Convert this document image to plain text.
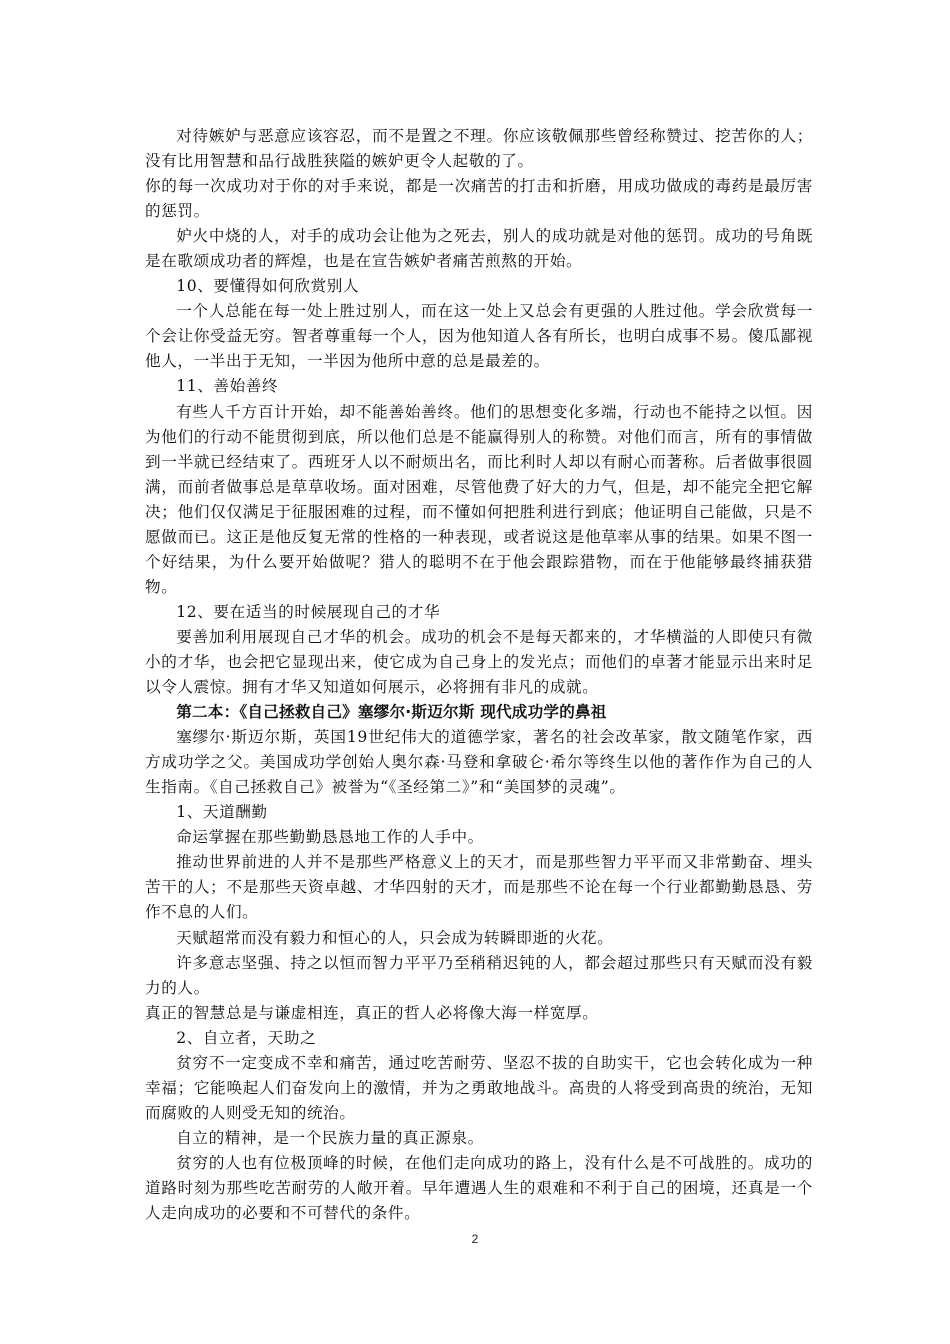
对待嫉妒与恶意应该容忍，而不是置之不理。你应该敬佩那些曾经称赞过、挖苦你的人；没有比用智慧和品行战胜狭隘的嫉妒更令人起敬的了。

你的每一次成功对于你的对手来说，都是一次痛苦的打击和折磨，用成功做成的毒药是最厉害的惩罚。

妒火中烧的人，对手的成功会让他为之死去，别人的成功就是对他的惩罚。成功的号角既是在歌颂成功者的辉煌，也是在宣告嫉妒者痛苦煎熬的开始。

10、要懂得如何欣赏别人

一个人总能在每一处上胜过别人，而在这一处上又总会有更强的人胜过他。学会欣赏每一个会让你受益无穷。智者尊重每一个人，因为他知道人各有所长，也明白成事不易。傻瓜鄙视他人，一半出于无知，一半因为他所中意的总是最差的。

11、善始善终

有些人千方百计开始，却不能善始善终。他们的思想变化多端，行动也不能持之以恒。因为他们的行动不能贯彻到底，所以他们总是不能赢得别人的称赞。对他们而言，所有的事情做到一半就已经结束了。西班牙人以不耐烦出名，而比利时人却以有耐心而著称。后者做事很圆满，而前者做事总是草草收场。面对困难，尽管他费了好大的力气，但是，却不能完全把它解决；他们仅仅满足于征服困难的过程，而不懂如何把胜利进行到底；他证明自己能做，只是不愿做而已。这正是他反复无常的性格的一种表现，或者说这是他草率从事的结果。如果不图一个好结果，为什么要开始做呢？猎人的聪明不在于他会跟踪猎物，而在于他能够最终捕获猎物。

12、要在适当的时候展现自己的才华

要善加利用展现自己才华的机会。成功的机会不是每天都来的，才华横溢的人即使只有微小的才华，也会把它显现出来，使它成为自己身上的发光点；而他们的卓著才能显示出来时足以令人震惊。拥有才华又知道如何展示，必将拥有非凡的成就。

第二本：《自己拯救自己》塞缪尔·斯迈尔斯 现代成功学的鼻祖

塞缪尔·斯迈尔斯，英国19世纪伟大的道德学家，著名的社会改革家，散文随笔作家，西方成功学之父。美国成功学创始人奥尔森·马登和拿破仑·希尔等终生以他的著作作为自己的人生指南。《自己拯救自己》被誉为“《圣经第二》”和“美国梦的灵魂”。

1、天道酬勤

命运掌握在那些勤勤恳恳地工作的人手中。

推动世界前进的人并不是那些严格意义上的天才，而是那些智力平平而又非常勤奋、埋头苦干的人；不是那些天资卓越、才华四射的天才，而是那些不论在每一个行业都勤勤恳恳、劳作不息的人们。

天赋超常而没有毅力和恒心的人，只会成为转瞬即逝的火花。

许多意志坚强、持之以恒而智力平平乃至稍稍迟钝的人，都会超过那些只有天赋而没有毅力的人。

真正的智慧总是与谦虚相连，真正的哲人必将像大海一样宽厚。

2、自立者，天助之

贫穷不一定变成不幸和痛苦，通过吃苦耐劳、坚忍不拔的自助实干，它也会转化成为一种幸福；它能唤起人们奋发向上的激情，并为之勇敢地战斗。高贵的人将受到高贵的统治，无知而腐败的人则受无知的统治。

自立的精神，是一个民族力量的真正源泉。

贫穷的人也有位极顶峰的时候，在他们走向成功的路上，没有什么是不可战胜的。成功的道路时刻为那些吃苦耐劳的人敞开着。早年遭遇人生的艰难和不利于自己的困境，还真是一个人走向成功的必要和不可替代的条件。

2
